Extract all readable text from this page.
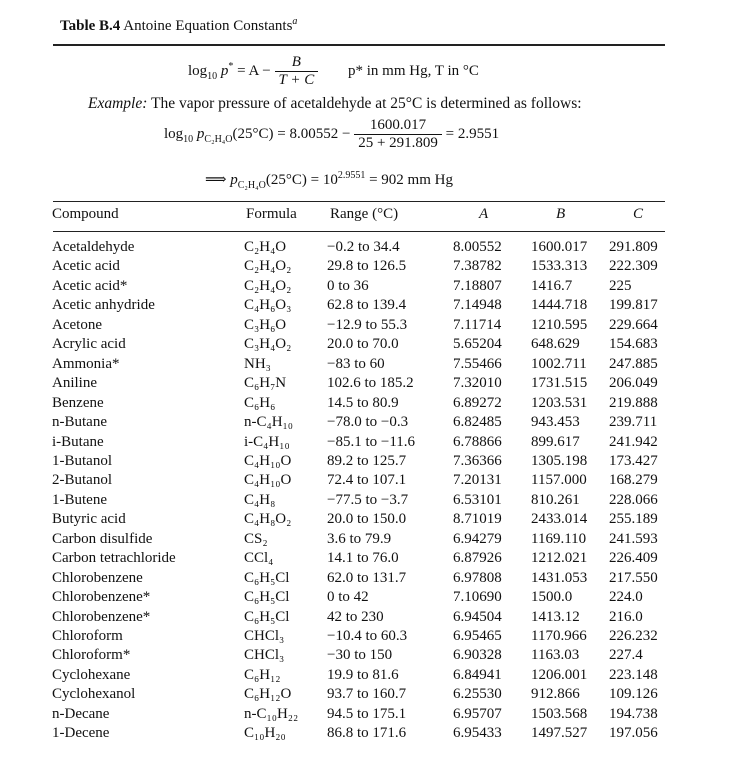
Table B.4 Antoine Equation Constants$^a$
$\log_{10} p^* = A - \frac{B}{T + C} p*$ in mm Hg, T in °C
Example: The vapor pressure of acetaldehyde at 25°C is determined as follows:
$\log_{10} p_{C_2H_4O}(25^\circ C) = 8.00552 - \frac{1600.017}{25 + 291.809} = 2.9551$
⟹ $p_{C_2H_4O}(25^\circ C) = 10^{2.9551} = 902$ mm Hg
Compound	Formula Range (°C)	A	B	C
Acetaldehyde	C₂H₄O	−0.2 to 34.4	8.00552 1600.017 291.809
Acetic acid	C₂H₄O₂ 29.8 to 126.5	7.38782 1533.313 222.309
Acetic acid*	C₂H₄O₂ 0 to 36	7.18807 1416.7 225
Acetic anhydride	C₄H₆O₃ 62.8 to 139.4	7.14948 1444.718 199.817
Acetone	C₃H₆O	−12.9 to 55.3	7.11714 1210.595 229.664
Acrylic acid	C₃H₄O₂ 20.0 to 70.0	5.65204 648.629 154.683
Ammonia*	NH₃	−83 to 60	7.55466 1002.711 247.885
Aniline	C₆H₇N	102.6 to 185.2	7.32010 1731.515 206.049
Benzene	C₆H₆	14.5 to 80.9	6.89272 1203.531 219.888
n-Butane	n-C₄H₁₀ −78.0 to −0.3	6.82485 943.453 239.711
i-Butane	i-C₄H₁₀ −85.1 to −11.6	6.78866 899.617 241.942
1-Butanol	C₄H₁₀O 89.2 to 125.7	7.36366 1305.198 173.427
2-Butanol	C₄H₁₀O 72.4 to 107.1	7.20131 1157.000 168.279
1-Butene	C₄H₈	−77.5 to −3.7	6.53101 810.261 228.066
Butyric acid	C₄H₈O₂ 20.0 to 150.0	8.71019 2433.014 255.189
Carbon disulfide	CS₂	3.6 to 79.9	6.94279 1169.110 241.593
Carbon tetrachloride	CCl₄	14.1 to 76.0	6.87926 1212.021 226.409
Chlorobenzene	C₆H₅Cl	62.0 to 131.7	6.97808 1431.053 217.550
Chlorobenzene*	C₆H₅Cl	0 to 42	7.10690 1500.0 224.0
Chlorobenzene*	C₆H₅Cl	42 to 230	6.94504 1413.12 216.0
Chloroform	CHCl₃	−10.4 to 60.3	6.95465 1170.966 226.232
Chloroform*	CHCl₃	−30 to 150	6.90328 1163.03 227.4
Cyclohexane	C₆H₁₂	19.9 to 81.6	6.84941 1206.001 223.148
Cyclohexanol	C₆H₁₂O 93.7 to 160.7	6.25530 912.866 109.126
n-Decane	n-C₁₀H₂₂ 94.5 to 175.1	6.95707 1503.568 194.738
1-Decene	C₁₀H₂₀	86.8 to 171.6	6.95433 1497.527 197.056
